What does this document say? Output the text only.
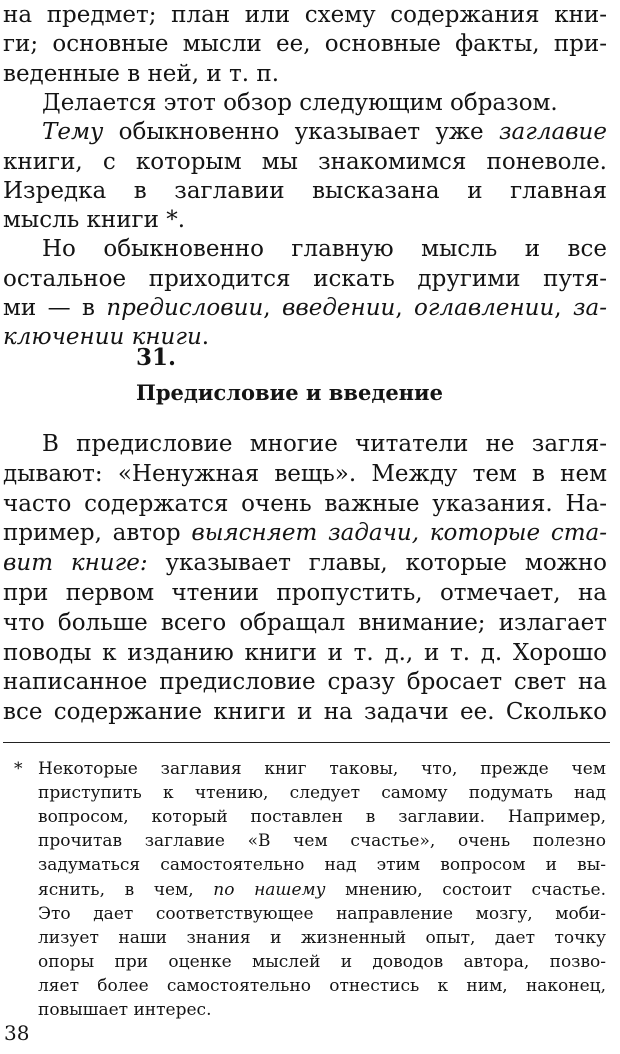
на предмет; план или схему содержания кни-
ги; основные мысли ее, основные факты, при-
веденные в ней, и т. п.
Делается этот обзор следующим образом.
Тему обыкновенно указывает уже заглавие
книги, с которым мы знакомимся поневоле.
Изредка в заглавии высказана и главная
мысль книги *.
Но обыкновенно главную мысль и все
остальное приходится искать другими путя-
ми — в предисловии, введении, оглавлении, за-
ключении книги.
31.
Предисловие и введение
В предисловие многие читатели не загля-
дывают: «Ненужная вещь». Между тем в нем
часто содержатся очень важные указания. На-
пример, автор выясняет задачи, которые ста-
вит книге: указывает главы, которые можно
при первом чтении пропустить, отмечает, на
что больше всего обращал внимание; излагает
поводы к изданию книги и т. д., и т. д. Хорошо
написанное предисловие сразу бросает свет на
все содержание книги и на задачи ее. Сколько
* Некоторые заглавия книг таковы, что, прежде чем
приступить к чтению, следует самому подумать над
вопросом, который поставлен в заглавии. Например,
прочитав заглавие «В чем счастье», очень полезно
задуматься самостоятельно над этим вопросом и вы-
яснить, в чем, по нашему мнению, состоит счастье.
Это дает соответствующее направление мозгу, моби-
лизует наши знания и жизненный опыт, дает точку
опоры при оценке мыслей и доводов автора, позво-
ляет более самостоятельно отнестись к ним, наконец,
повышает интерес.
38
